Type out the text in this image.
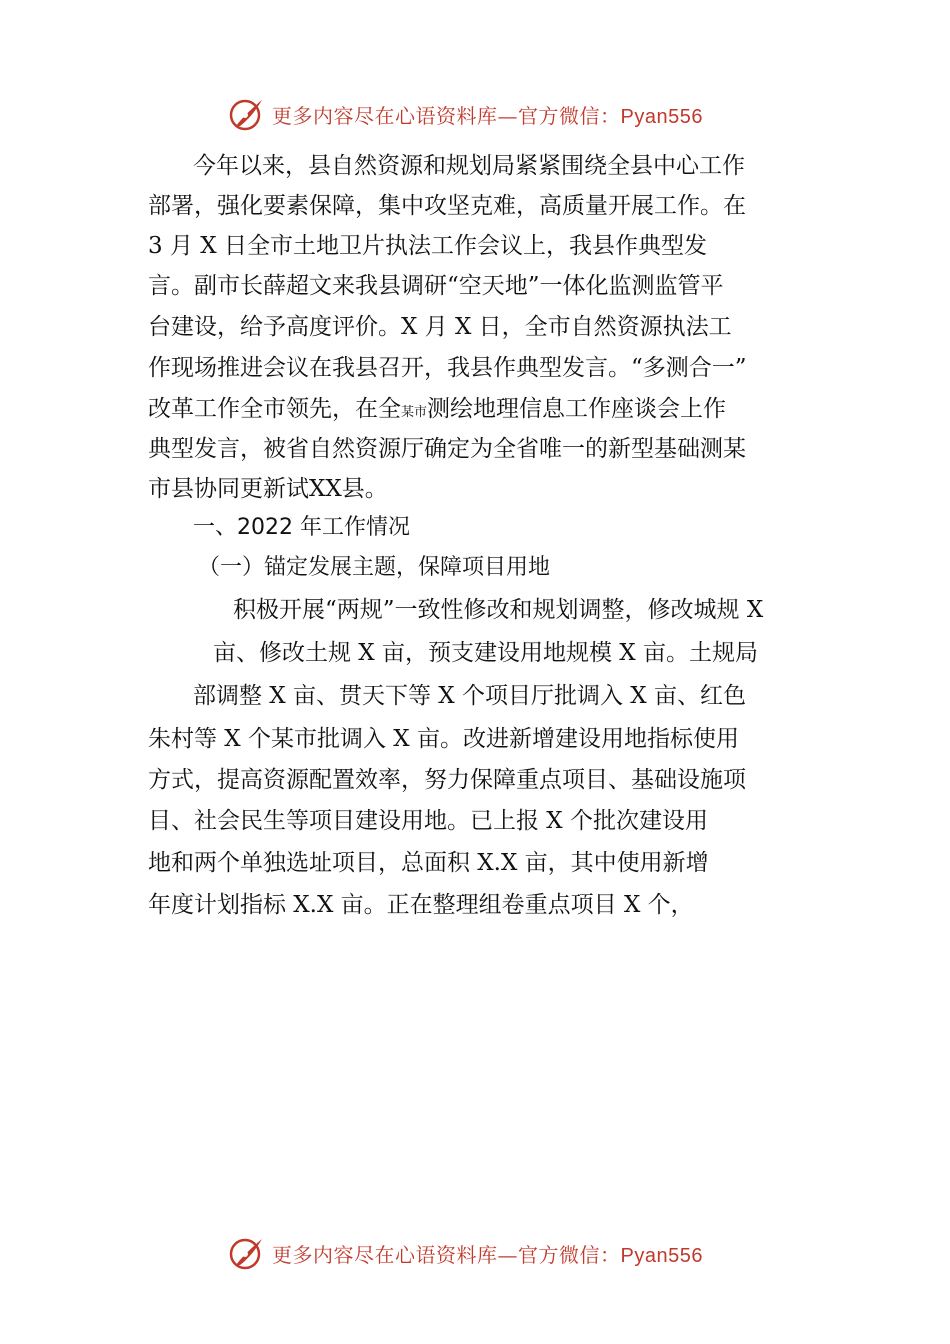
更多内容尽在心语资料库—官方微信：Pyan556
今年以来，县自然资源和规划局紧紧围绕全县中心工作
部署，强化要素保障，集中攻坚克难，高质量开展工作。在
3 月 X 日全市土地卫片执法工作会议上，我县作典型发
言。副市长薛超文来我县调研“空天地”一体化监测监管平
台建设，给予高度评价。X 月 X 日，全市自然资源执法工
作现场推进会议在我县召开，我县作典型发言。“多测合一”
改革工作全市领先，在全某市测绘地理信息工作座谈会上作
典型发言，被省自然资源厅确定为全省唯一的新型基础测某
市县协同更新试XX县。
一、2022 年工作情况
（一）锚定发展主题，保障项目用地
积极开展“两规”一致性修改和规划调整，修改城规 X
亩、修改土规 X 亩，预支建设用地规模 X 亩。土规局
部调整 X 亩、贯天下等 X 个项目厅批调入 X 亩、红色
朱村等 X 个某市批调入 X 亩。改进新增建设用地指标使用
方式，提高资源配置效率，努力保障重点项目、基础设施项
目、社会民生等项目建设用地。已上报 X 个批次建设用
地和两个单独选址项目，总面积 X.X 亩，其中使用新增
年度计划指标 X.X 亩。正在整理组卷重点项目 X 个，
更多内容尽在心语资料库—官方微信：Pyan556
